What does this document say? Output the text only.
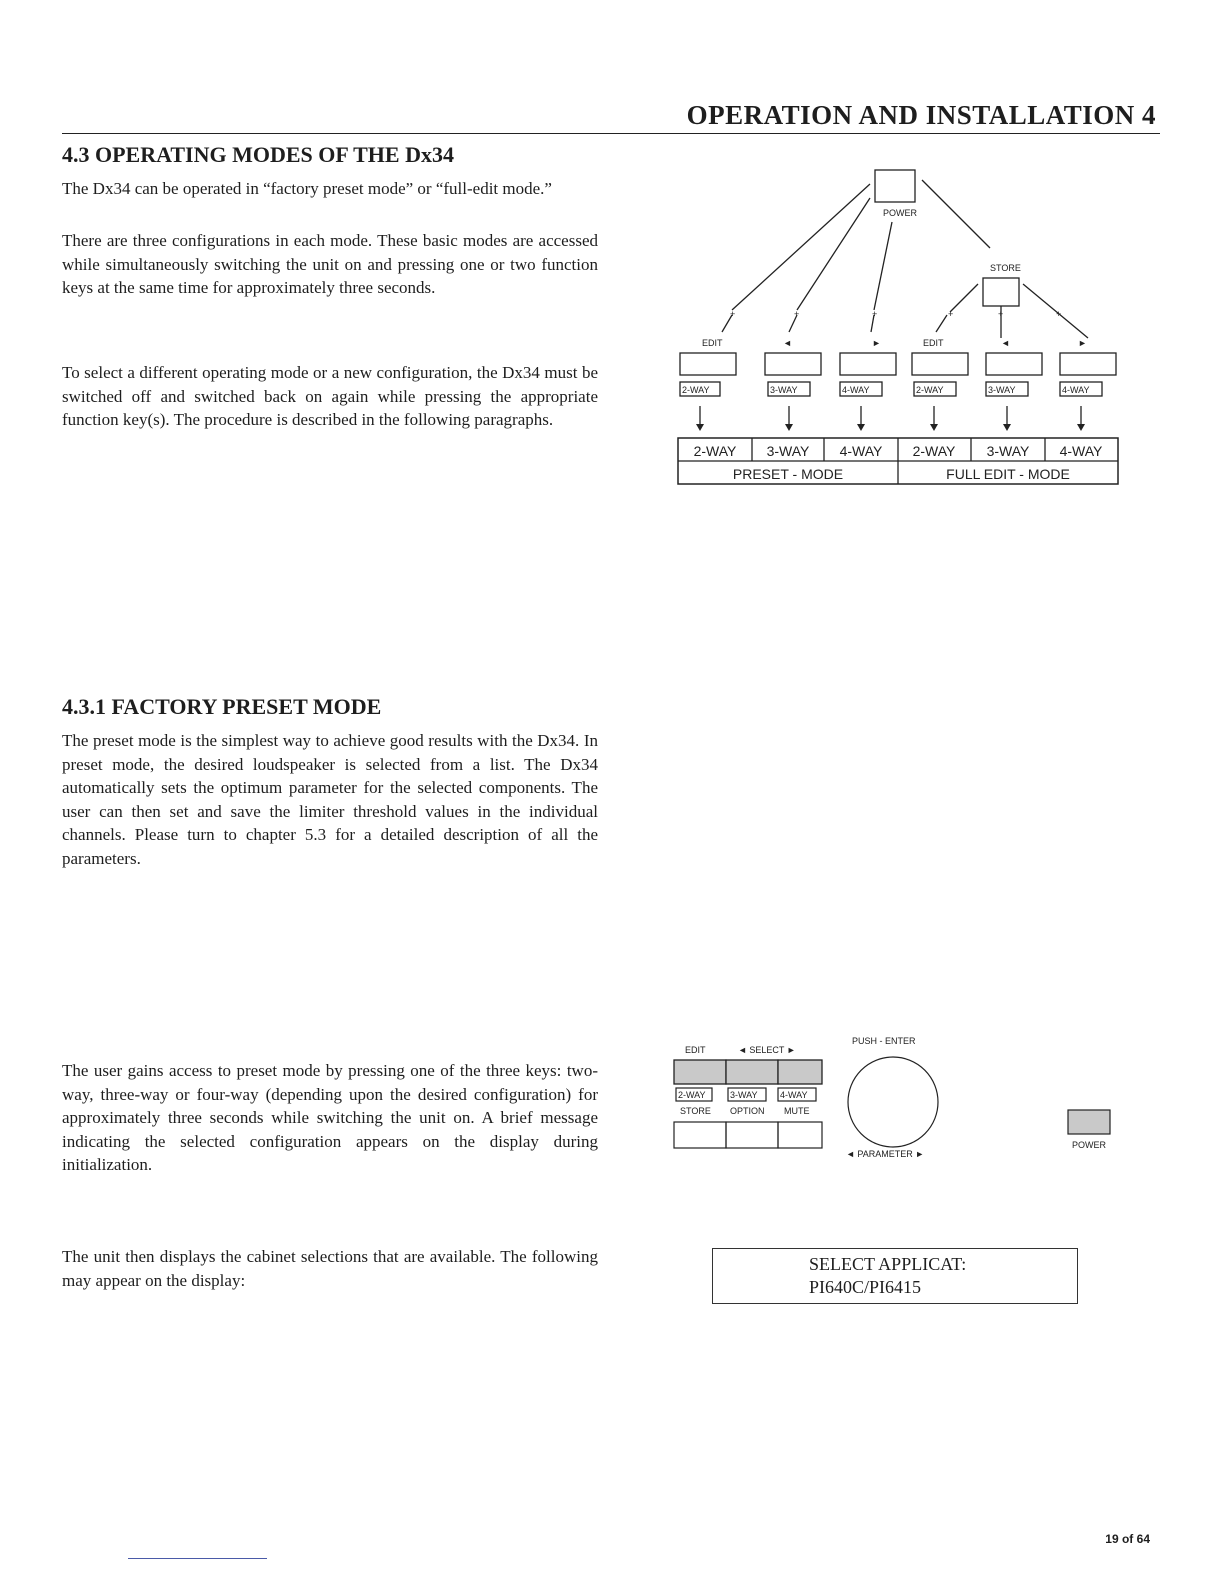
OPERATION AND INSTALLATION 4
4.3 OPERATING MODES OF THE Dx34

The Dx34 can be operated in “factory preset mode” or “full-edit mode.”

There are three configurations in each mode. These basic modes are accessed while simultaneously switching the unit on and pressing one or two function keys at the same time for approximately three seconds.

To select a different operating mode or a new configuration, the Dx34 must be switched off and switched back on again while pressing the appropriate function key(s). The procedure is described in the following paragraphs.

+	+	+	+	+	+
POWER
STORE
EDIT	◄	►	EDIT	◄	►
2-WAY	3-WAY	4-WAY	2-WAY	3-WAY	4-WAY
2-WAY 3-WAY 4-WAY 2-WAY 3-WAY 4-WAY
PRESET - MODE	FULL EDIT - MODE
4.3.1 FACTORY PRESET MODE

The preset mode is the simplest way to achieve good results with the Dx34. In preset mode, the desired loudspeaker is selected from a list. The Dx34 automatically sets the optimum parameter for the selected components. The user can then set and save the limiter threshold values in the individual channels. Please turn to chapter 5.3 for a detailed description of all the parameters.

The user gains access to preset mode by pressing one of the three keys: two-way, three-way or four-way (depending upon the desired configuration) for approximately three seconds while switching the unit on. A brief message indicating the selected configuration appears on the display during initialization.

The unit then displays the cabinet selections that are available. The following may appear on the display:

EDIT	◄ SELECT ►
2-WAY	3-WAY 4-WAY
STORE OPTION MUTE
PUSH - ENTER
◄ PARAMETER ►
POWER
SELECT APPLICAT:
PI640C/PI6415
19 of 64
